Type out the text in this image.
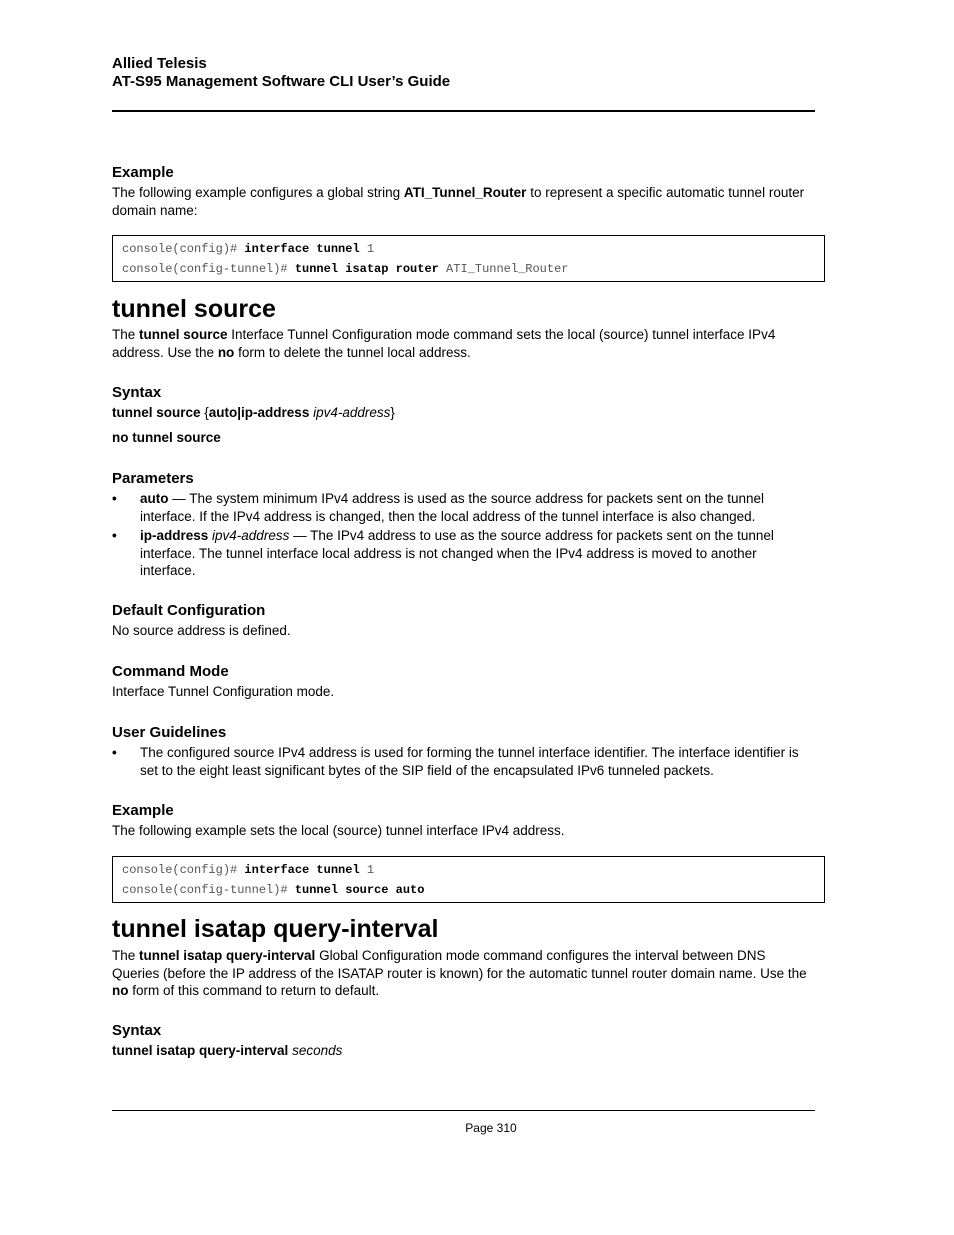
Allied Telesis
AT-S95 Management Software CLI User’s Guide
Example

The following example configures a global string ATI_Tunnel_Router to represent a specific automatic tunnel router domain name:

console(config)# interface tunnel 1
console(config-tunnel)# tunnel isatap router ATI_Tunnel_Router
tunnel source

The tunnel source Interface Tunnel Configuration mode command sets the local (source) tunnel interface IPv4 address. Use the no form to delete the tunnel local address.

Syntax

tunnel source {auto|ip-address ipv4-address}

no tunnel source

Parameters
• auto — The system minimum IPv4 address is used as the source address for packets sent on the tunnel interface. If the IPv4 address is changed, then the local address of the tunnel interface is also changed.
• ip-address ipv4-address — The IPv4 address to use as the source address for packets sent on the tunnel interface. The tunnel interface local address is not changed when the IPv4 address is moved to another interface.
Default Configuration

No source address is defined.

Command Mode

Interface Tunnel Configuration mode.

User Guidelines
• The configured source IPv4 address is used for forming the tunnel interface identifier. The interface identifier is set to the eight least significant bytes of the SIP field of the encapsulated IPv6 tunneled packets.
Example

The following example sets the local (source) tunnel interface IPv4 address.

console(config)# interface tunnel 1
console(config-tunnel)# tunnel source auto
tunnel isatap query-interval

The tunnel isatap query-interval Global Configuration mode command configures the interval between DNS Queries (before the IP address of the ISATAP router is known) for the automatic tunnel router domain name. Use the no form of this command to return to default.

Syntax

tunnel isatap query-interval seconds

Page 310
